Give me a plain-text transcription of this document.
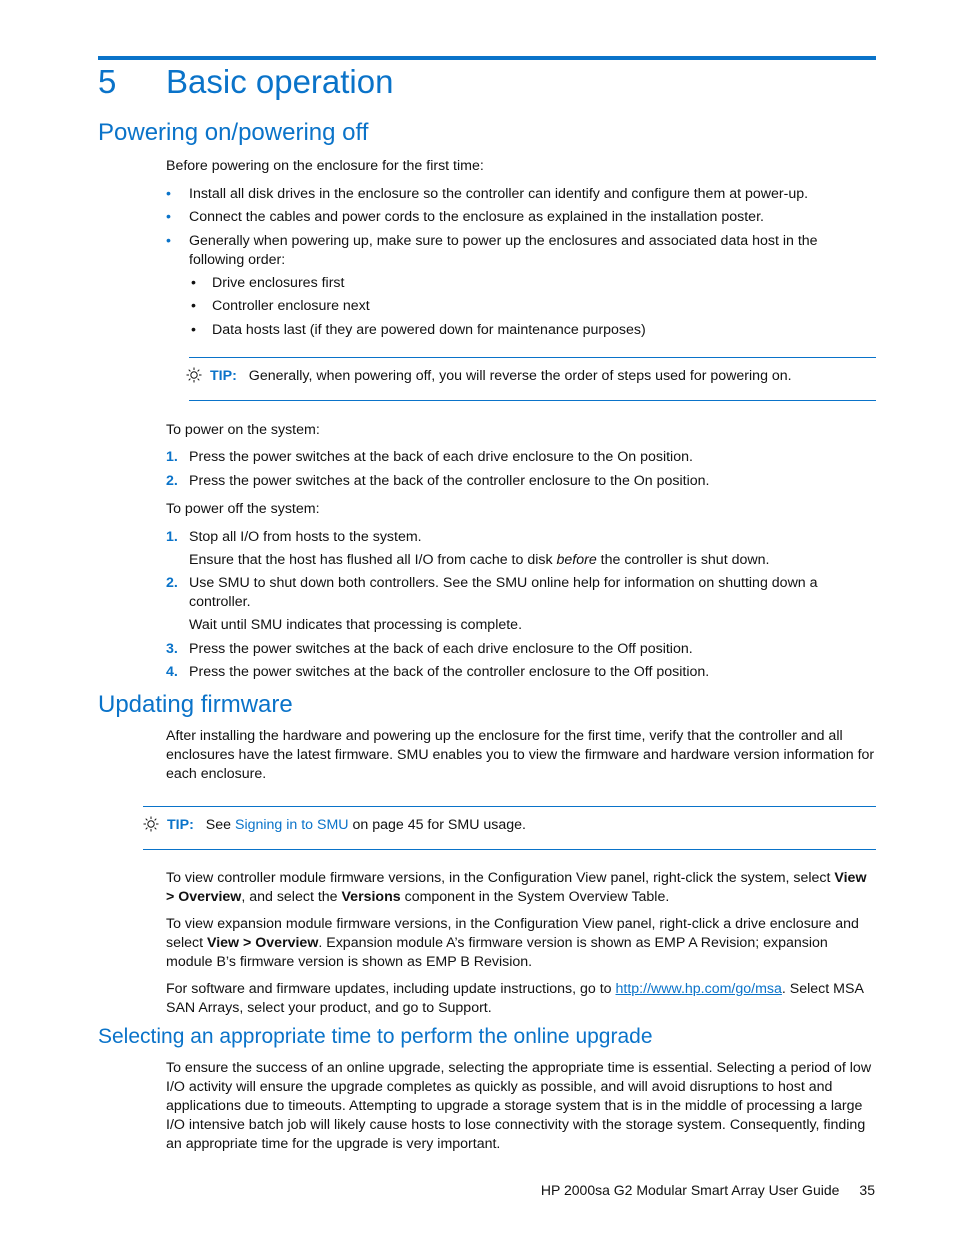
5 Basic operation
Powering on/powering off
Before powering on the enclosure for the first time:
• Install all disk drives in the enclosure so the controller can identify and configure them at power-up.

• Connect the cables and power cords to the enclosure as explained in the installation poster.

• Generally when powering up, make sure to power up the enclosures and associated data host in the following order:

• Drive enclosures first
• Controller enclosure next
• Data hosts last (if they are powered down for maintenance purposes)
TIP: Generally, when powering off, you will reverse the order of steps used for powering on.
To power on the system:
1. Press the power switches at the back of each drive enclosure to the On position.

2. Press the power switches at the back of the controller enclosure to the On position.

To power off the system:
1. Stop all I/O from hosts to the system.

Ensure that the host has flushed all I/O from cache to disk before the controller is shut down.
2. Use SMU to shut down both controllers. See the SMU online help for information on shutting down a controller.

Wait until SMU indicates that processing is complete.
3. Press the power switches at the back of each drive enclosure to the Off position.

4. Press the power switches at the back of the controller enclosure to the Off position.

Updating firmware
After installing the hardware and powering up the enclosure for the first time, verify that the controller and all enclosures have the latest firmware. SMU enables you to view the firmware and hardware version information for each enclosure.
TIP: See Signing in to SMU on page 45 for SMU usage.
To view controller module firmware versions, in the Configuration View panel, right-click the system, select View > Overview, and select the Versions component in the System Overview Table.
To view expansion module firmware versions, in the Configuration View panel, right-click a drive enclosure and select View > Overview. Expansion module A’s firmware version is shown as EMP A Revision; expansion module B’s firmware version is shown as EMP B Revision.
For software and firmware updates, including update instructions, go to http://www.hp.com/go/msa. Select MSA SAN Arrays, select your product, and go to Support.
Selecting an appropriate time to perform the online upgrade
To ensure the success of an online upgrade, selecting the appropriate time is essential. Selecting a period of low I/O activity will ensure the upgrade completes as quickly as possible, and will avoid disruptions to host and applications due to timeouts. Attempting to upgrade a storage system that is in the middle of processing a large I/O intensive batch job will likely cause hosts to lose connectivity with the storage system. Consequently, finding an appropriate time for the upgrade is very important.
HP 2000sa G2 Modular Smart Array User Guide 35
